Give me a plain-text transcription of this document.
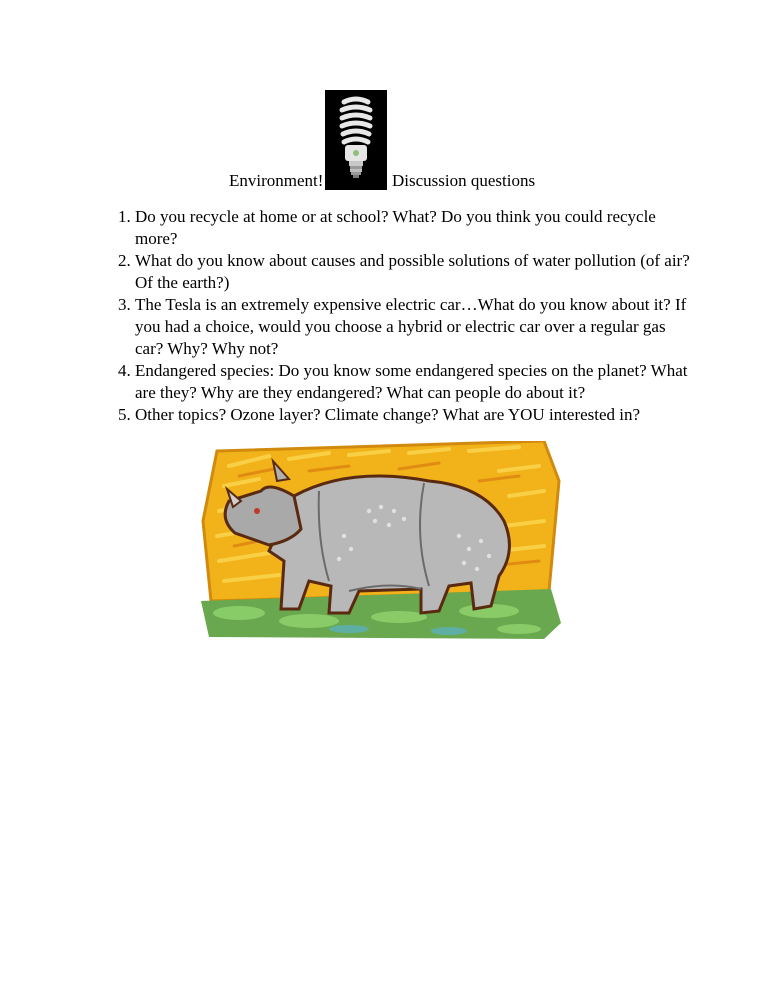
Environment!	Discussion questions
1. Do you recycle at home or at school? What? Do you think you could recycle more?
2. What do you know about causes and possible solutions of water pollution (of air? Of the earth?)
3. The Tesla is an extremely expensive electric car…What do you know about it? If you had a choice, would you choose a hybrid or electric car over a regular gas car? Why? Why not?
4. Endangered species: Do you know some endangered species on the planet? What are they? Why are they endangered? What can people do about it?
5. Other topics? Ozone layer? Climate change? What are YOU interested in?
